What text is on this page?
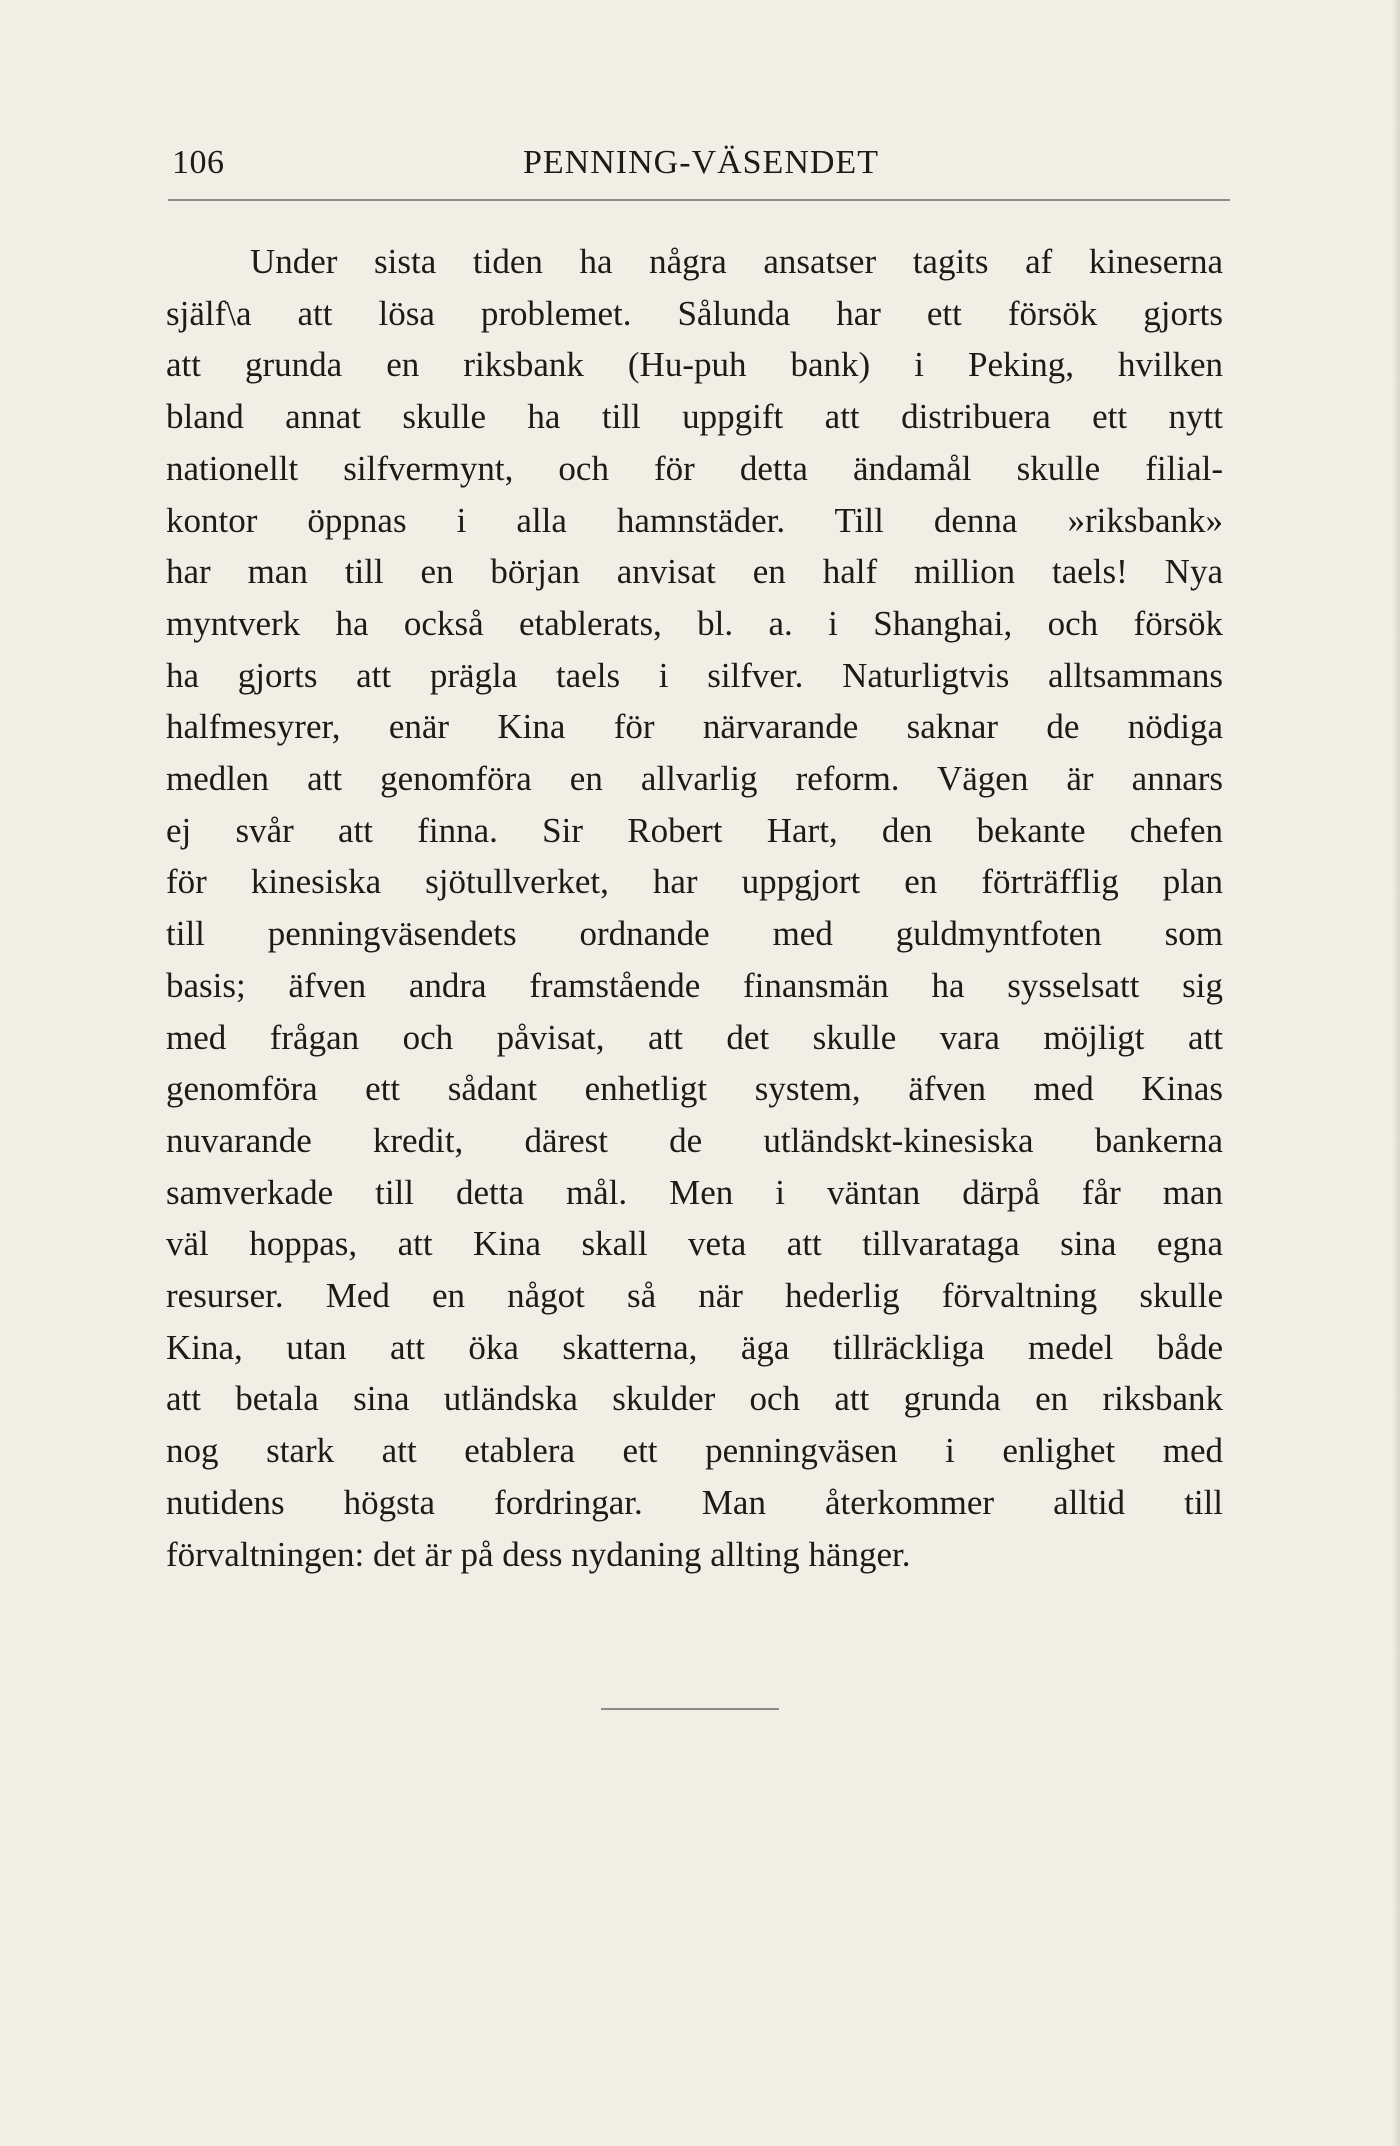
106	PENNING-VÄSENDET
Under sista tiden ha några ansatser tagits af kineserna
själf\a att lösa problemet. Sålunda har ett försök gjorts
att grunda en riksbank (Hu-puh bank) i Peking, hvilken
bland annat skulle ha till uppgift att distribuera ett nytt
nationellt silfvermynt, och för detta ändamål skulle filial-
kontor öppnas i alla hamnstäder. Till denna »riksbank»
har man till en början anvisat en half million taels! Nya
myntverk ha också etablerats, bl. a. i Shanghai, och försök
ha gjorts att prägla taels i silfver. Naturligtvis alltsammans
halfmesyrer, enär Kina för närvarande saknar de nödiga
medlen att genomföra en allvarlig reform. Vägen är annars
ej svår att finna. Sir Robert Hart, den bekante chefen
för kinesiska sjötullverket, har uppgjort en förträfflig plan
till penningväsendets ordnande med guldmyntfoten som
basis; äfven andra framstående finansmän ha sysselsatt sig
med frågan och påvisat, att det skulle vara möjligt att
genomföra ett sådant enhetligt system, äfven med Kinas
nuvarande kredit, därest de utländskt-kinesiska bankerna
samverkade till detta mål. Men i väntan därpå får man
väl hoppas, att Kina skall veta att tillvaratagа sina egna
resurser. Med en något så när hederlig förvaltning skulle
Kina, utan att öka skatterna, äga tillräckliga medel både
att betala sina utländska skulder och att grunda en riksbank
nog stark att etablera ett penningväsen i enlighet med
nutidens högsta fordringar. Man återkommer alltid till
förvaltningen: det är på dess nydaning allting hänger.
